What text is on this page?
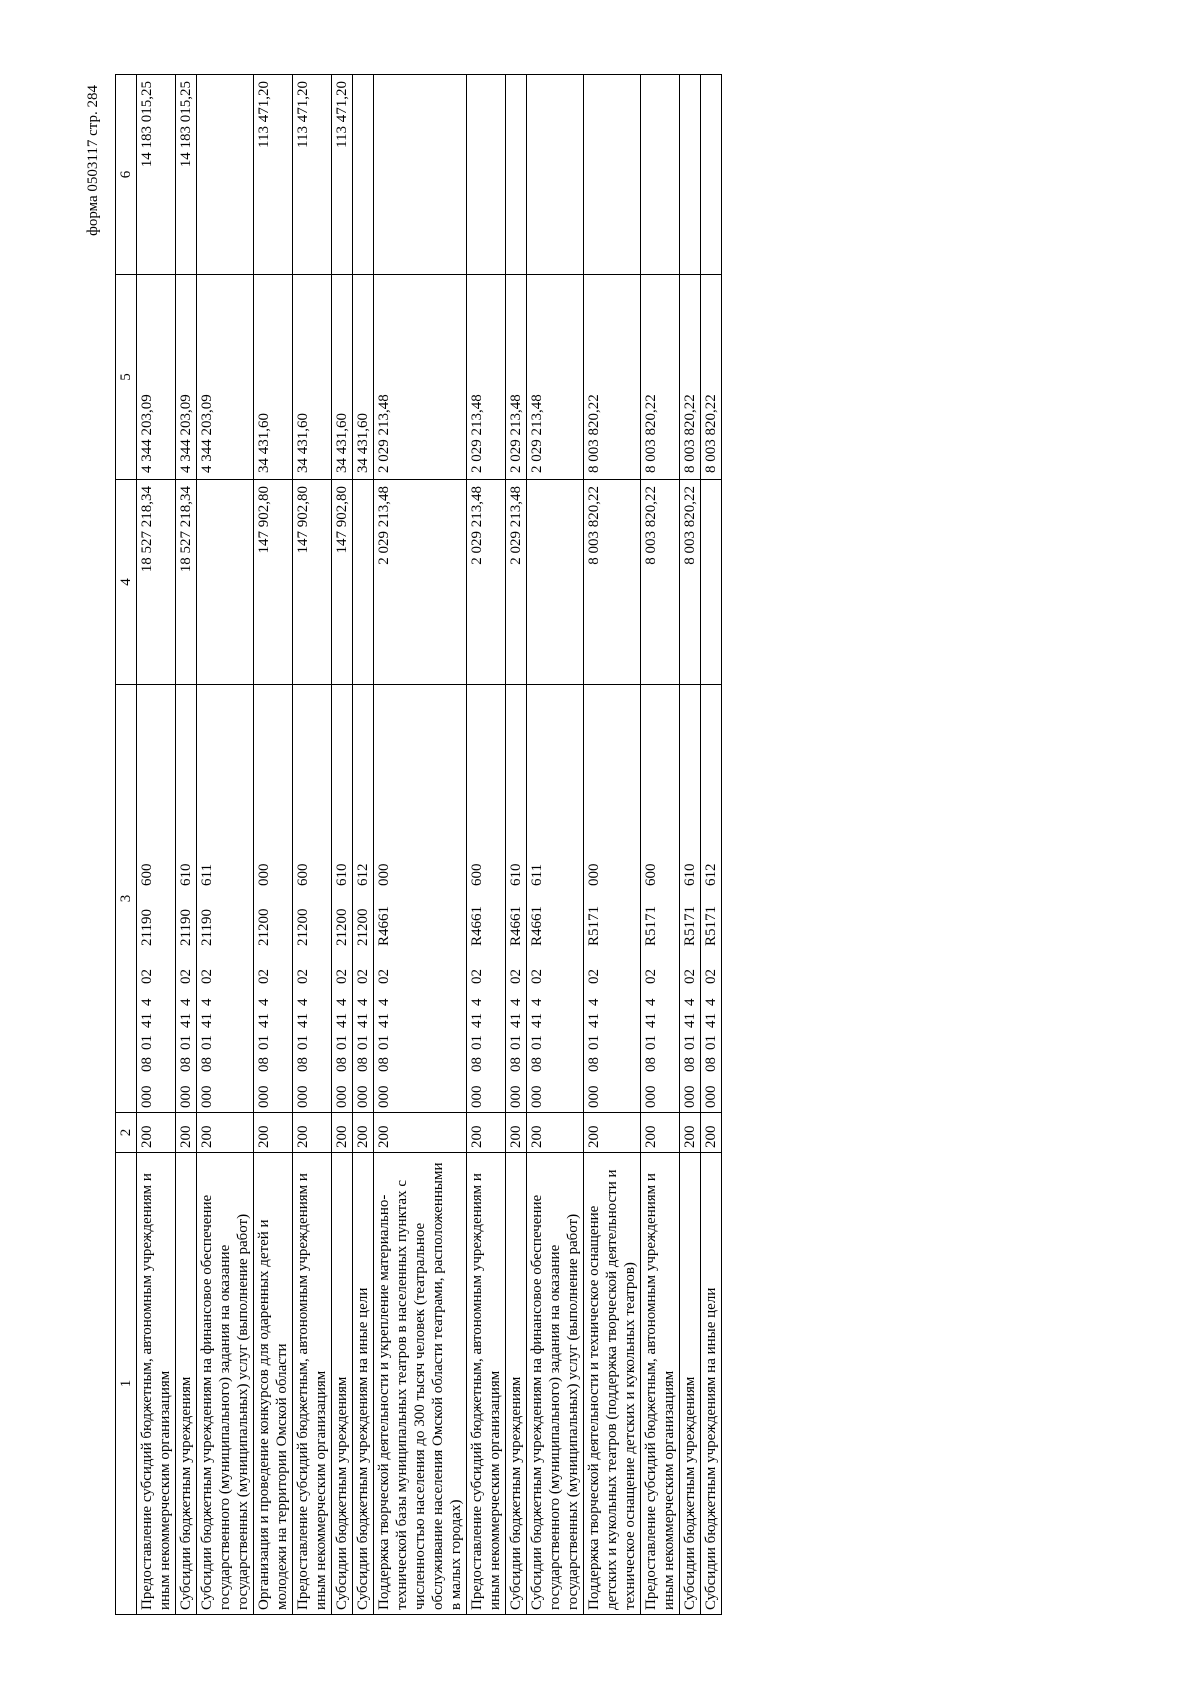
форма 0503117 стр. 284
1	2	3	4	5	6
Предоставление субсидий бюджетным, автономным учреждениям и иным некоммерческим организациям	200	00008014140221190600	18 527 218,34	4 344 203,09	14 183 015,25
Субсидии бюджетным учреждениям	200	00008014140221190610	18 527 218,34	4 344 203,09	14 183 015,25
Субсидии бюджетным учреждениям на финансовое обеспечение государственного (муниципального) задания на оказание государственных (муниципальных) услуг (выполнение работ)	200	00008014140221190611		4 344 203,09	
Организация и проведение конкурсов для одаренных детей и молодежи на территории Омской области	200	00008014140221200000	147 902,80	34 431,60	113 471,20
Предоставление субсидий бюджетным, автономным учреждениям и иным некоммерческим организациям	200	00008014140221200600	147 902,80	34 431,60	113 471,20
Субсидии бюджетным учреждениям	200	00008014140221200610	147 902,80	34 431,60	113 471,20
Субсидии бюджетным учреждениям на иные цели	200	00008014140221200612		34 431,60	
Поддержка творческой деятельности и укрепление материально-технической базы муниципальных театров в населенных пунктах с численностью населения до 300 тысяч человек (театральное обслуживание населения Омской области театрами, расположенными в малых городах)	200	000080141402R4661000	2 029 213,48	2 029 213,48	
Предоставление субсидий бюджетным, автономным учреждениям и иным некоммерческим организациям	200	000080141402R4661600	2 029 213,48	2 029 213,48	
Субсидии бюджетным учреждениям	200	000080141402R4661610	2 029 213,48	2 029 213,48	
Субсидии бюджетным учреждениям на финансовое обеспечение государственного (муниципального) задания на оказание государственных (муниципальных) услуг (выполнение работ)	200	000080141402R4661611		2 029 213,48	
Поддержка творческой деятельности и техническое оснащение детских и кукольных театров (поддержка творческой деятельности и техническое оснащение детских и кукольных театров)	200	000080141402R5171000	8 003 820,22	8 003 820,22	
Предоставление субсидий бюджетным, автономным учреждениям и иным некоммерческим организациям	200	000080141402R5171600	8 003 820,22	8 003 820,22	
Субсидии бюджетным учреждениям	200	000080141402R5171610	8 003 820,22	8 003 820,22	
Субсидии бюджетным учреждениям на иные цели	200	000080141402R5171612		8 003 820,22	
